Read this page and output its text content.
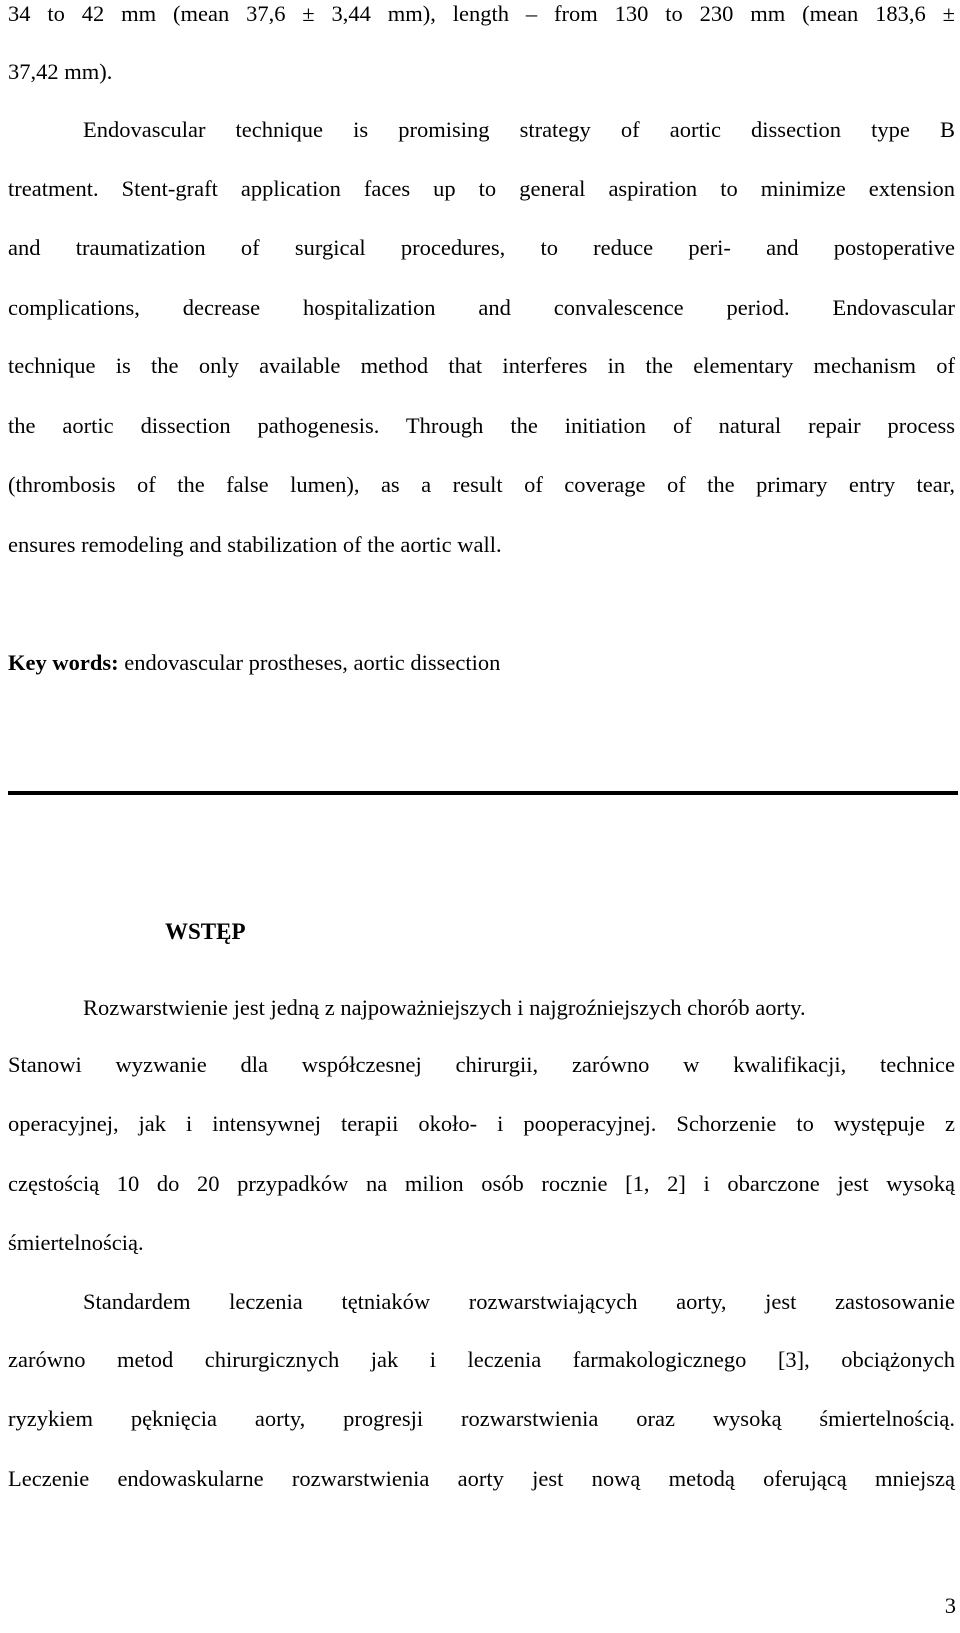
34 to 42 mm (mean 37,6 ± 3,44 mm), length – from 130 to 230 mm (mean 183,6 ±
37,42 mm).
Endovascular technique is promising strategy of aortic dissection type B
treatment. Stent-graft application faces up to general aspiration to minimize extension
and traumatization of surgical procedures, to reduce peri- and postoperative
complications, decrease hospitalization and convalescence period. Endovascular
technique is the only available method that interferes in the elementary mechanism of
the aortic dissection pathogenesis. Through the initiation of natural repair process
(thrombosis of the false lumen), as a result of coverage of the primary entry tear,
ensures remodeling and stabilization of the aortic wall.
Key words: endovascular prostheses, aortic dissection
WSTĘP
Rozwarstwienie jest jedną z najpoważniejszych i najgroźniejszych chorób aorty.
Stanowi wyzwanie dla współczesnej chirurgii, zarówno w kwalifikacji, technice
operacyjnej, jak i intensywnej terapii około- i pooperacyjnej. Schorzenie to występuje z
częstością 10 do 20 przypadków na milion osób rocznie [1, 2] i obarczone jest wysoką
śmiertelnością.
Standardem leczenia tętniaków rozwarstwiających aorty, jest zastosowanie
zarówno metod chirurgicznych jak i leczenia farmakologicznego [3], obciążonych
ryzykiem pęknięcia aorty, progresji rozwarstwienia oraz wysoką śmiertelnością.
Leczenie endowaskularne rozwarstwienia aorty jest nową metodą oferującą mniejszą
3
